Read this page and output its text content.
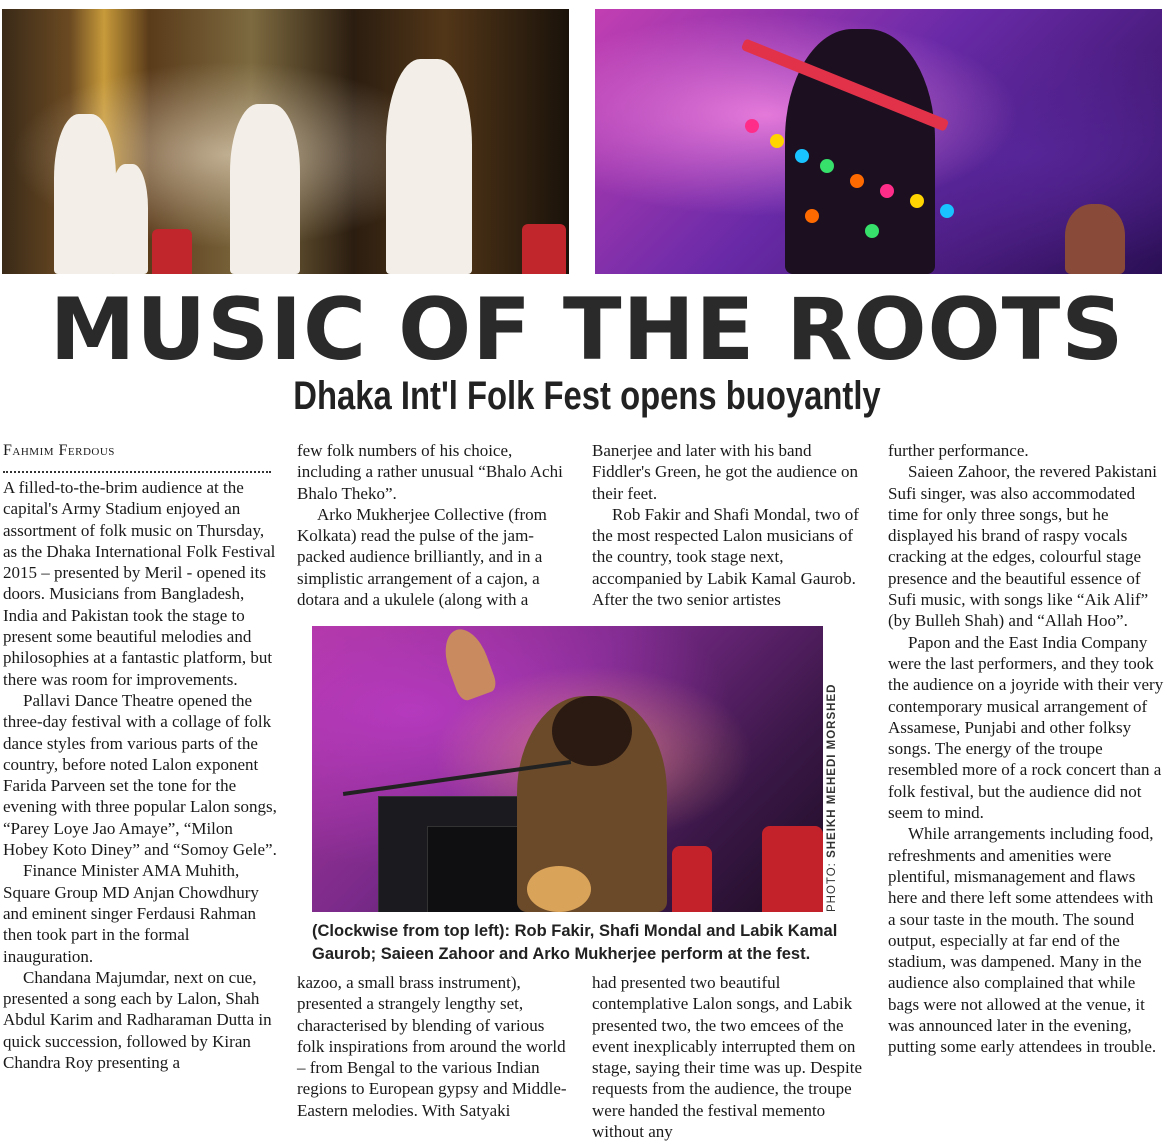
MUSIC OF THE ROOTS
Dhaka Int'l Folk Fest opens buoyantly
Fahmim Ferdous

A filled-to-the-brim audience at the capital's Army Stadium enjoyed an assortment of folk music on Thursday, as the Dhaka International Folk Festival 2015 – presented by Meril - opened its doors. Musicians from Bangladesh, India and Pakistan took the stage to present some beautiful melodies and philosophies at a fantastic platform, but there was room for improvements.

Pallavi Dance Theatre opened the three-day festival with a collage of folk dance styles from various parts of the country, before noted Lalon exponent Farida Parveen set the tone for the evening with three popular Lalon songs, “Parey Loye Jao Amaye”, “Milon Hobey Koto Diney” and “Somoy Gele”.

Finance Minister AMA Muhith, Square Group MD Anjan Chowdhury and eminent singer Ferdausi Rahman then took part in the formal inauguration.

Chandana Majumdar, next on cue, presented a song each by Lalon, Shah Abdul Karim and Radharaman Dutta in quick succession, followed by Kiran Chandra Roy presenting a

few folk numbers of his choice, including a rather unusual “Bhalo Achi Bhalo Theko”.

Arko Mukherjee Collective (from Kolkata) read the pulse of the jam-packed audience brilliantly, and in a simplistic arrangement of a cajon, a dotara and a ukulele (along with a

Banerjee and later with his band Fiddler's Green, he got the audience on their feet.

Rob Fakir and Shafi Mondal, two of the most respected Lalon musicians of the country, took stage next, accompanied by Labik Kamal Gaurob. After the two senior artistes

further performance.

Saieen Zahoor, the revered Pakistani Sufi singer, was also accommodated time for only three songs, but he displayed his brand of raspy vocals cracking at the edges, colourful stage presence and the beautiful essence of Sufi music, with songs like “Aik Alif” (by Bulleh Shah) and “Allah Hoo”.

Papon and the East India Company were the last performers, and they took the audience on a joyride with their very contemporary musical arrangement of Assamese, Punjabi and other folksy songs. The energy of the troupe resembled more of a rock concert than a folk festival, but the audience did not seem to mind.

While arrangements including food, refreshments and amenities were plentiful, mismanagement and flaws here and there left some attendees with a sour taste in the mouth. The sound output, especially at far end of the stadium, was dampened. Many in the audience also complained that while bags were not allowed at the venue, it was announced later in the evening, putting some early attendees in trouble.

PHOTO: SHEIKH MEHEDI MORSHED
(Clockwise from top left): Rob Fakir, Shafi Mondal and Labik Kamal Gaurob; Saieen Zahoor and Arko Mukherjee perform at the fest.

kazoo, a small brass instrument), presented a strangely lengthy set, characterised by blending of various folk inspirations from around the world – from Bengal to the various Indian regions to European gypsy and Middle-Eastern melodies. With Satyaki

had presented two beautiful contemplative Lalon songs, and Labik presented two, the two emcees of the event inexplicably interrupted them on stage, saying their time was up. Despite requests from the audience, the troupe were handed the festival memento without any
